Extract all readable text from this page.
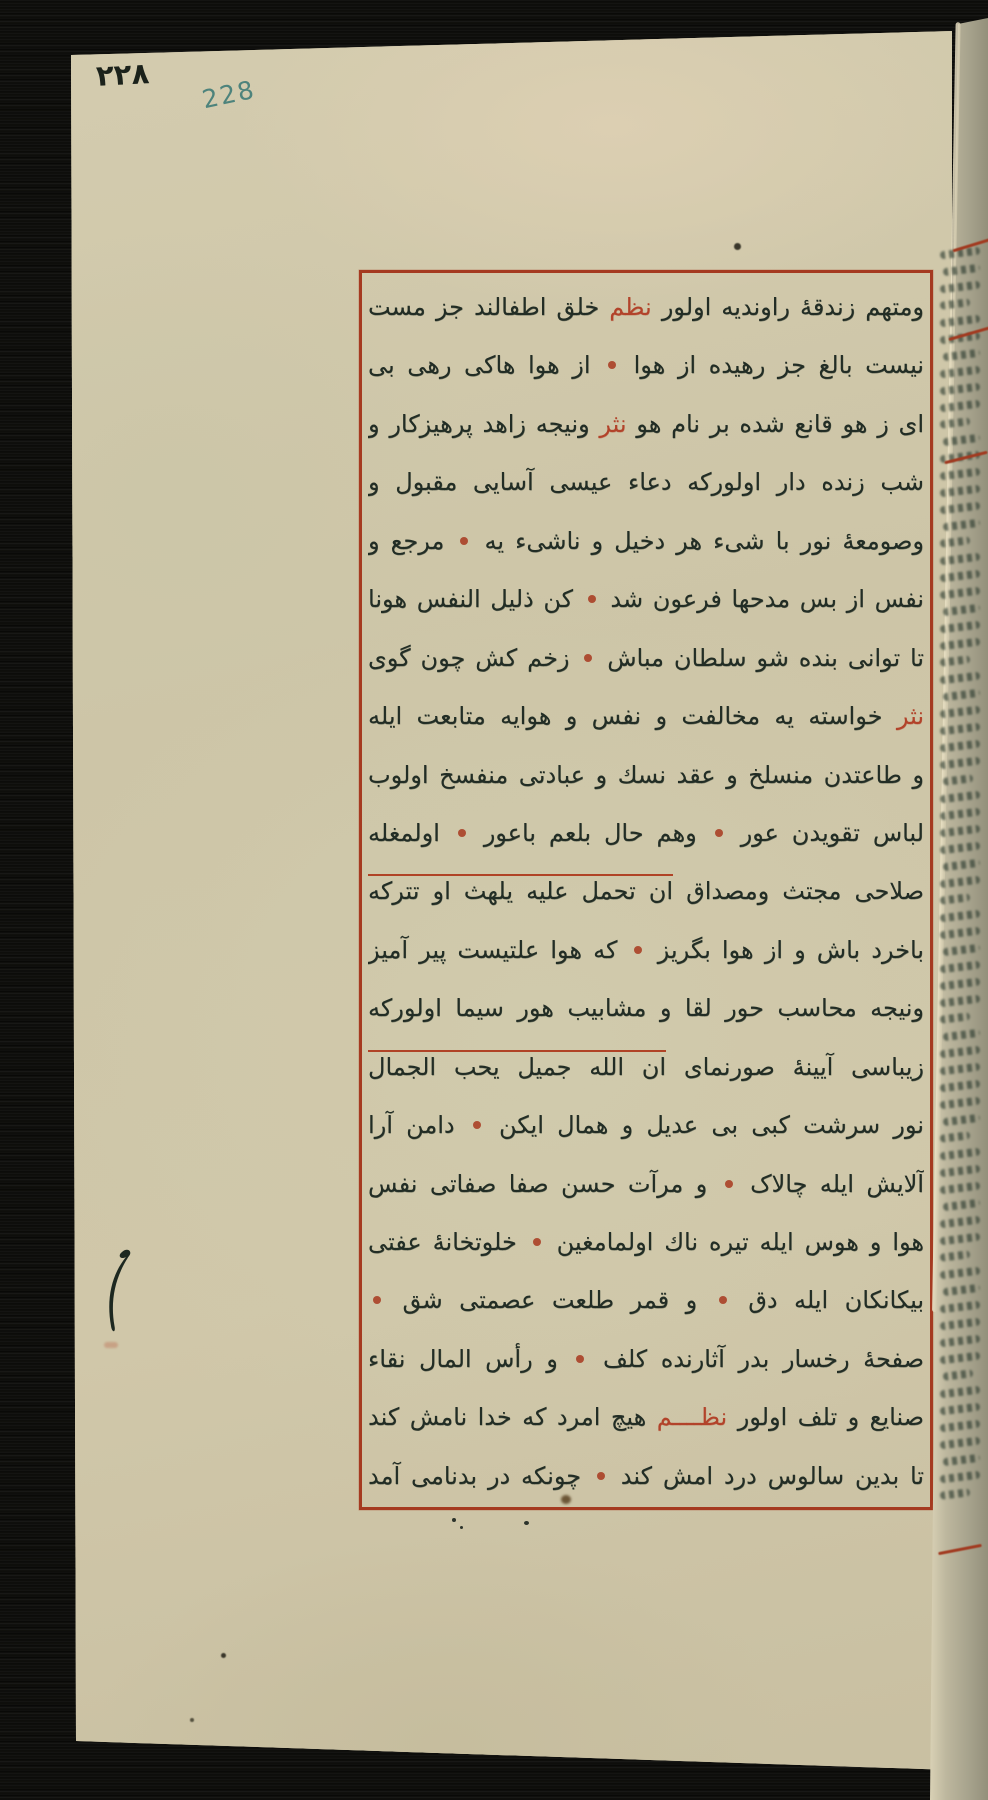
٢٢٨
228
ومتهم زندقهٔ راوندیه اولور نظم خلق اطفالند جز مست
نیست بالغ جز رهیده از هوا  از هوا هاکی رهی بی
ای ز هو قانع شده بر نام هو نثر ونیجه زاهد پرهیزکار و
شب زنده دار اولورکه دعاء عیسی آسایی مقبول و
وصومعهٔ نور با شیء هر دخیل و ناشیء یه  مرجع و
نفس از بس مدحها فرعون شد  کن ذلیل النفس هونا
تا توانی بنده شو سلطان مباش  زخم کش چون گوی
نثر خواسته یه مخالفت و نفس و هوایه متابعت ایله
و طاعتدن منسلخ و عقد نسك و عبادتی منفسخ اولوب
لباس تقویدن عور  وهم حال بلعم باعور  اولمغله
صلاحی مجتث ومصداق ان تحمل علیه یلهث او تترکه
باخرد باش و از هوا بگریز  که هوا علتیست پیر آمیز
ونیجه محاسب حور لقا و مشابیب هور سیما اولورکه
زیباسی آیینهٔ صورنمای ان الله جمیل یحب الجمال
نور سرشت کبی بی عدیل و همال ایکن  دامن آرا
آلایش ایله چالاک  و مرآت حسن صفا صفاتی نفس
هوا و هوس ایله تیره ناك اولمامغین  خلوتخانهٔ عفتی
بیکانکان ایله دق  و قمر طلعت عصمتی شق
صفحهٔ رخسار بدر آثارنده کلف  و رأس المال نقاء
صنایع و تلف اولور نظــــم هیچ امرد که خدا نامش کند
تا بدین سالوس درد امش کند  چونکه در بدنامی آمد
